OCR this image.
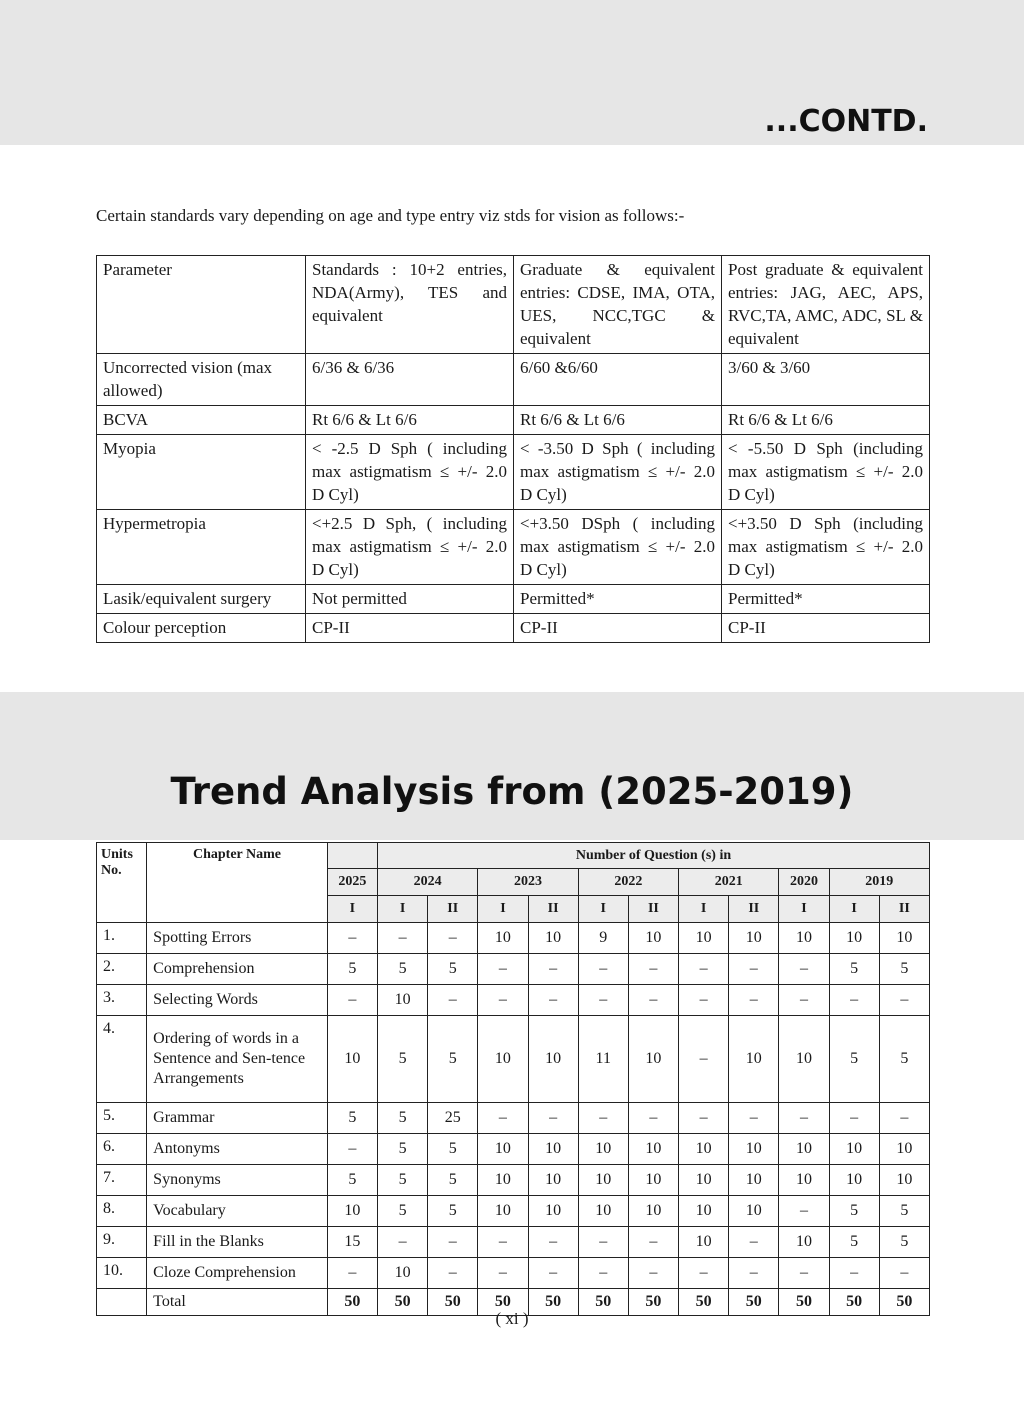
...CONTD.
Certain standards vary depending on age and type entry viz stds for vision as follows:-
Parameter	Standards : 10+2 entries, NDA(Army), TES and equivalent	Graduate & equivalent entries: CDSE, IMA, OTA, UES, NCC,TGC & equivalent	Post graduate & equivalent entries: JAG, AEC, APS, RVC,TA, AMC, ADC, SL & equivalent
Uncorrected vision (max allowed)	6/36 & 6/36	6/60 &6/60	3/60 & 3/60
BCVA	Rt 6/6 & Lt 6/6	Rt 6/6 & Lt 6/6	Rt 6/6 & Lt 6/6
Myopia	< -2.5 D Sph ( including max astigmatism ≤ +/- 2.0 D Cyl)	< -3.50 D Sph ( including max astigmatism ≤ +/- 2.0 D Cyl)	< -5.50 D Sph (including max astigmatism ≤ +/- 2.0 D Cyl)
Hypermetropia	<+2.5 D Sph, ( including max astigmatism ≤ +/- 2.0 D Cyl)	<+3.50 DSph ( including max astigmatism ≤ +/- 2.0 D Cyl)	<+3.50 D Sph (including max astigmatism ≤ +/- 2.0 D Cyl)
Lasik/equivalent surgery	Not permitted	Permitted*	Permitted*
Colour perception	CP-II	CP-II	CP-II
Trend Analysis from (2025-2019)
Units No.	Chapter Name		Number of Question (s) in										
		2025	2024		2023		2022		2021		2020	2019	
		I	I	II	I	II	I	II	I	II	I	I	II
1.	Spotting Errors	–	–	–	10	10	9	10	10	10	10	10	10
2.	Comprehension	5	5	5	–	–	–	–	–	–	–	5	5
3.	Selecting Words	–	10	–	–	–	–	–	–	–	–	–	–
4.	Ordering of words in a Sentence and Sen-tence Arrangements	10	5	5	10	10	11	10	–	10	10	5	5
5.	Grammar	5	5	25	–	–	–	–	–	–	–	–	–
6.	Antonyms	–	5	5	10	10	10	10	10	10	10	10	10
7.	Synonyms	5	5	5	10	10	10	10	10	10	10	10	10
8.	Vocabulary	10	5	5	10	10	10	10	10	10	–	5	5
9.	Fill in the Blanks	15	–	–	–	–	–	–	10	–	10	5	5
10.	Cloze Comprehension	–	10	–	–	–	–	–	–	–	–	–	–
	Total	50	50	50	50	50	50	50	50	50	50	50	50
( xi )
